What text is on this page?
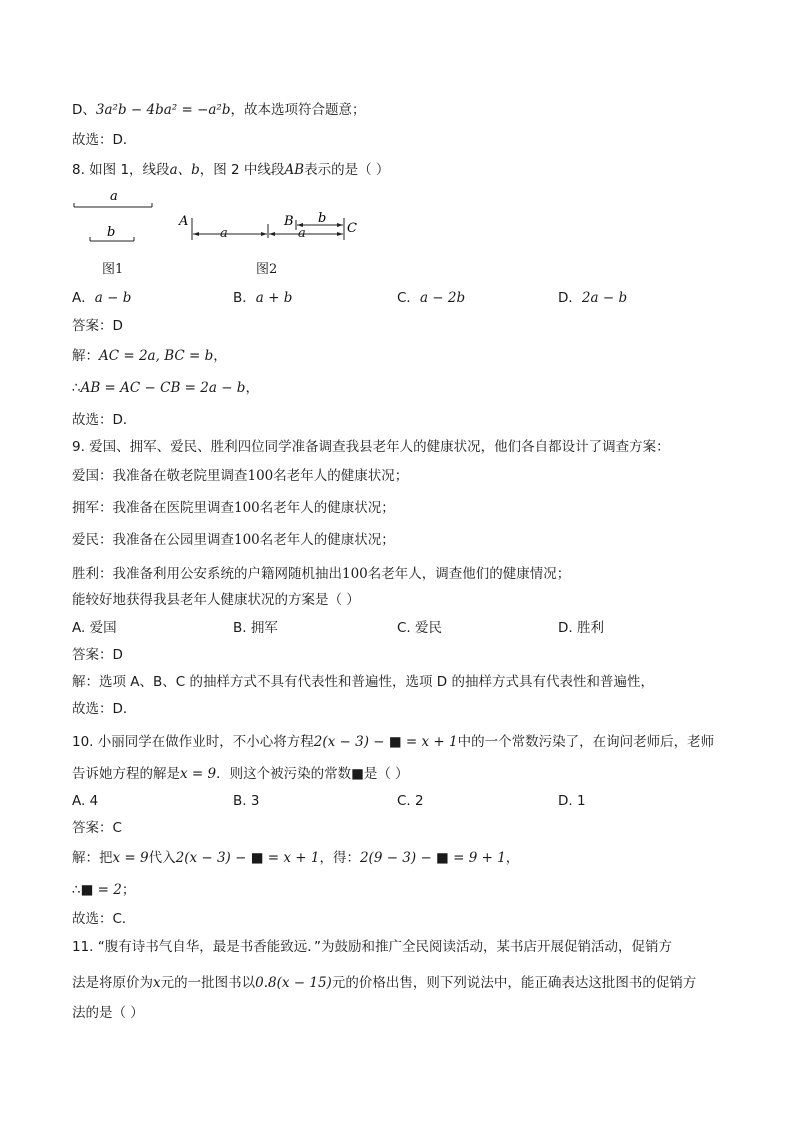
D、3a²b − 4ba² = −a²b，故本选项符合题意；
故选：D．
8. 如图 1，线段a、b，图 2 中线段AB表示的是（ ）
a
b
图1
A	B b
C
a	a
图2
A．a − b	B．a + b	C．a − 2b	D．2a − b
答案：D
解：AC = 2a, BC = b，
∴AB = AC − CB = 2a − b，
故选：D．
9. 爱国、拥军、爱民、胜利四位同学准备调查我县老年人的健康状况，他们各自都设计了调查方案：
爱国：我准备在敬老院里调查100名老年人的健康状况；
拥军：我准备在医院里调查100名老年人的健康状况；
爱民：我准备在公园里调查100名老年人的健康状况；
胜利：我准备利用公安系统的户籍网随机抽出100名老年人，调查他们的健康情况；
能较好地获得我县老年人健康状况的方案是（ ）
A. 爱国	B. 拥军	C. 爱民	D. 胜利
答案：D
解：选项 A、B、C 的抽样方式不具有代表性和普遍性，选项 D 的抽样方式具有代表性和普遍性，
故选：D．
10. 小丽同学在做作业时，不小心将方程2(x − 3) − ■ = x + 1中的一个常数污染了，在询问老师后，老师
告诉她方程的解是x = 9．则这个被污染的常数■是（ ）
A. 4	B. 3	C. 2	D. 1
答案：C
解：把x = 9代入2(x − 3) − ■ = x + 1，得：2(9 − 3) − ■ = 9 + 1，
∴■ = 2；
故选：C．
11. “腹有诗书气自华，最是书香能致远．”为鼓励和推广全民阅读活动，某书店开展促销活动，促销方
法是将原价为x元的一批图书以0.8(x − 15)元的价格出售，则下列说法中，能正确表达这批图书的促销方
法的是（ ）
